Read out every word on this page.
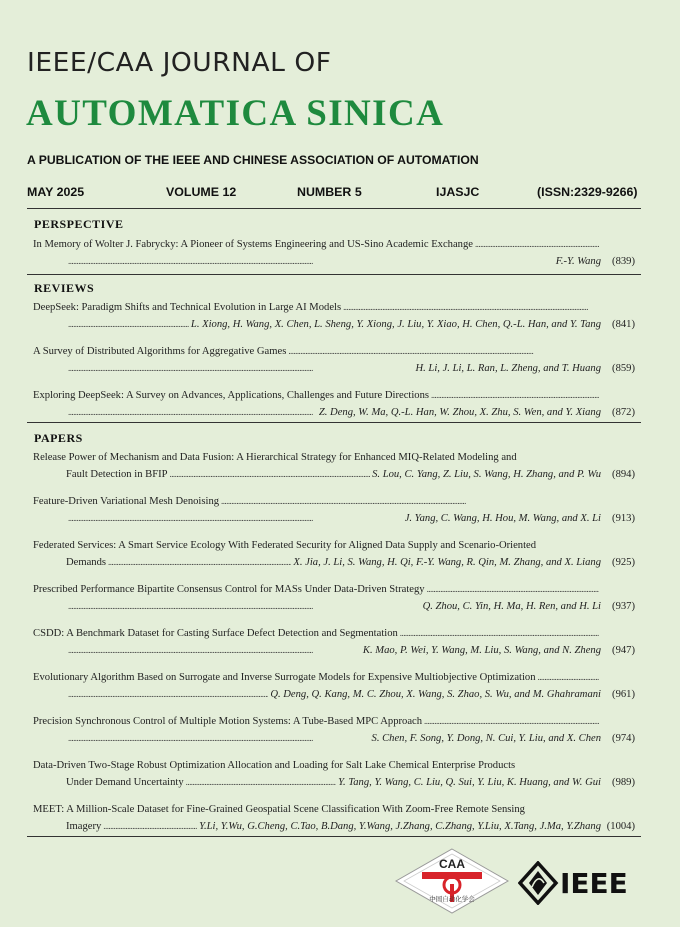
IEEE/CAA JOURNAL OF
AUTOMATICA SINICA
A PUBLICATION OF THE IEEE AND CHINESE ASSOCIATION OF AUTOMATION
MAY 2025	VOLUME 12	NUMBER 5	IJASJC	(ISSN:2329-9266)
PERSPECTIVE
In Memory of Wolter J. Fabrycky: A Pioneer of Systems Engineering and US-Sino Academic Exchange
. . .
. . .
F.-Y. Wang	(839)
REVIEWS
DeepSeek: Paradigm Shifts and Technical Evolution in Large AI Models
. . .
. . .
L. Xiong, H. Wang, X. Chen, L. Sheng, Y. Xiong, J. Liu, Y. Xiao, H. Chen, Q.-L. Han, and Y. Tang	(841)
A Survey of Distributed Algorithms for Aggregative Games
. . .
. . .
H. Li, J. Li, L. Ran, L. Zheng, and T. Huang	(859)
Exploring DeepSeek: A Survey on Advances, Applications, Challenges and Future Directions
. . .
. . .
Z. Deng, W. Ma, Q.-L. Han, W. Zhou, X. Zhu, S. Wen, and Y. Xiang	(872)
PAPERS
Release Power of Mechanism and Data Fusion: A Hierarchical Strategy for Enhanced MIQ-Related Modeling and
Fault Detection in BFIP . . .	S. Lou, C. Yang, Z. Liu, S. Wang, H. Zhang, and P. Wu	(894)
Feature-Driven Variational Mesh Denoising
. . .
. . .
J. Yang, C. Wang, H. Hou, M. Wang, and X. Li	(913)
Federated Services: A Smart Service Ecology With Federated Security for Aligned Data Supply and Scenario-Oriented
Demands . . .	X. Jia, J. Li, S. Wang, H. Qi, F.-Y. Wang, R. Qin, M. Zhang, and X. Liang	(925)
Prescribed Performance Bipartite Consensus Control for MASs Under Data-Driven Strategy
. . .
. . .
Q. Zhou, C. Yin, H. Ma, H. Ren, and H. Li	(937)
CSDD: A Benchmark Dataset for Casting Surface Defect Detection and Segmentation
. . .
. . .
K. Mao, P. Wei, Y. Wang, M. Liu, S. Wang, and N. Zheng	(947)
Evolutionary Algorithm Based on Surrogate and Inverse Surrogate Models for Expensive Multiobjective Optimization
. . .
. . .
Q. Deng, Q. Kang, M. C. Zhou, X. Wang, S. Zhao, S. Wu, and M. Ghahramani	(961)
Precision Synchronous Control of Multiple Motion Systems: A Tube-Based MPC Approach
. . .
. . .
S. Chen, F. Song, Y. Dong, N. Cui, Y. Liu, and X. Chen	(974)
Data-Driven Two-Stage Robust Optimization Allocation and Loading for Salt Lake Chemical Enterprise Products
Under Demand Uncertainty . . .	Y. Tang, Y. Wang, C. Liu, Q. Sui, Y. Liu, K. Huang, and W. Gui	(989)
MEET: A Million-Scale Dataset for Fine-Grained Geospatial Scene Classification With Zoom-Free Remote Sensing
Imagery . . .	Y.Li, Y.Wu, G.Cheng, C.Tao, B.Dang, Y.Wang, J.Zhang, C.Zhang, Y.Liu, X.Tang, J.Ma, Y.Zhang (1004)
CAA
中国自动化学会	IEEE
